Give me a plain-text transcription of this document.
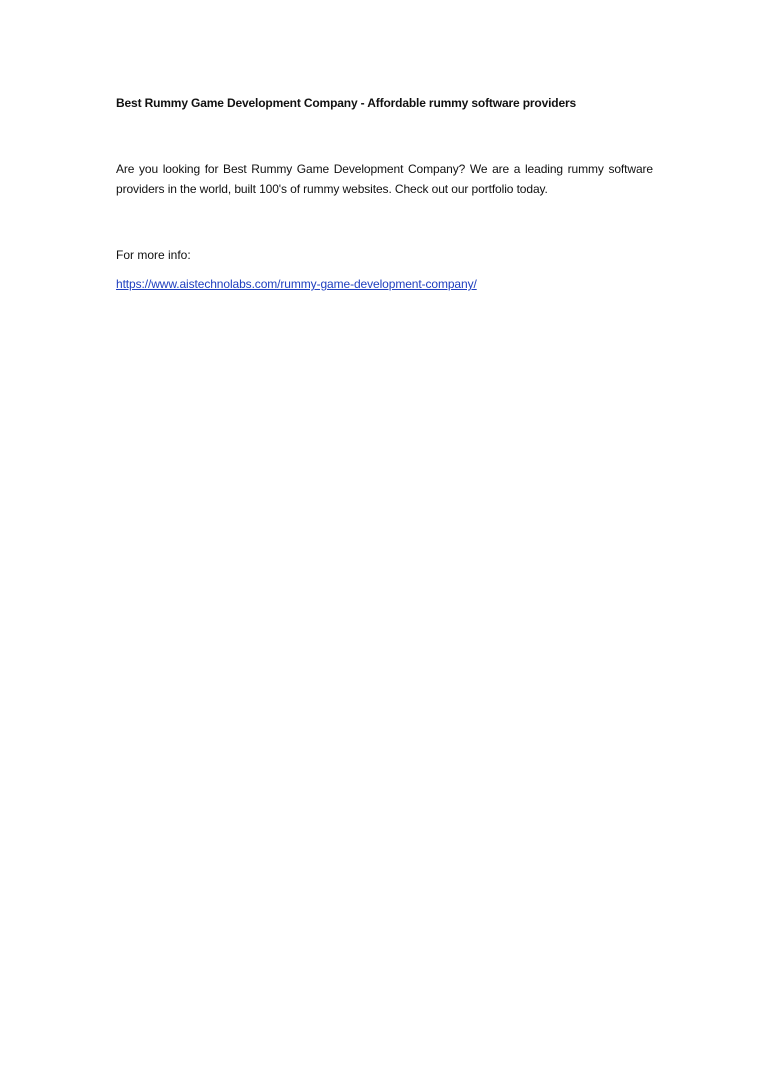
Best Rummy Game Development Company - Affordable rummy software providers

Are you looking for Best Rummy Game Development Company? We are a leading rummy software providers in the world, built 100's of rummy websites. Check out our portfolio today.

For more info:

https://www.aistechnolabs.com/rummy-game-development-company/
